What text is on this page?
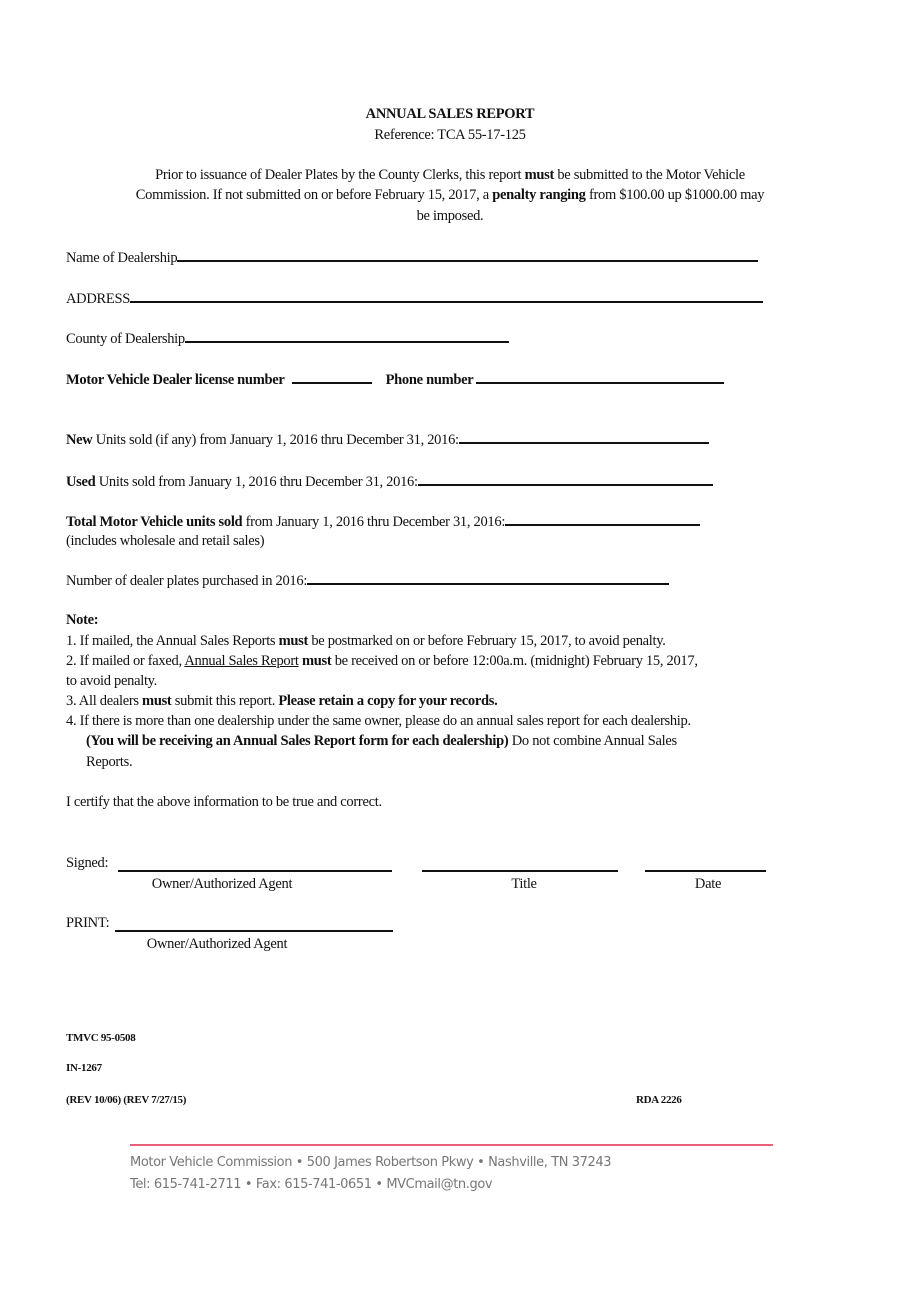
ANNUAL SALES REPORT
Reference: TCA 55-17-125
Prior to issuance of Dealer Plates by the County Clerks, this report must be submitted to the Motor Vehicle
Commission. If not submitted on or before February 15, 2017, a penalty ranging from $100.00 up $1000.00 may
be imposed.
Name of Dealership
ADDRESS
County of Dealership
Motor Vehicle Dealer license number	Phone number
New Units sold (if any) from January 1, 2016 thru December 31, 2016:
Used Units sold from January 1, 2016 thru December 31, 2016:
Total Motor Vehicle units sold from January 1, 2016 thru December 31, 2016:
(includes wholesale and retail sales)
Number of dealer plates purchased in 2016:
Note:
1. If mailed, the Annual Sales Reports must be postmarked on or before February 15, 2017, to avoid penalty.
2. If mailed or faxed, Annual Sales Report must be received on or before 12:00a.m. (midnight) February 15, 2017,
to avoid penalty.
3. All dealers must submit this report. Please retain a copy for your records.
4. If there is more than one dealership under the same owner, please do an annual sales report for each dealership.
(You will be receiving an Annual Sales Report form for each dealership) Do not combine Annual Sales
Reports.
I certify that the above information to be true and correct.
Signed:
Owner/Authorized Agent	Title	Date
PRINT:
Owner/Authorized Agent
TMVC 95-0508
IN-1267
(REV 10/06) (REV 7/27/15)	RDA 2226
Motor Vehicle Commission • 500 James Robertson Pkwy • Nashville, TN 37243
Tel: 615-741-2711 • Fax: 615-741-0651 • MVCmail@tn.gov
